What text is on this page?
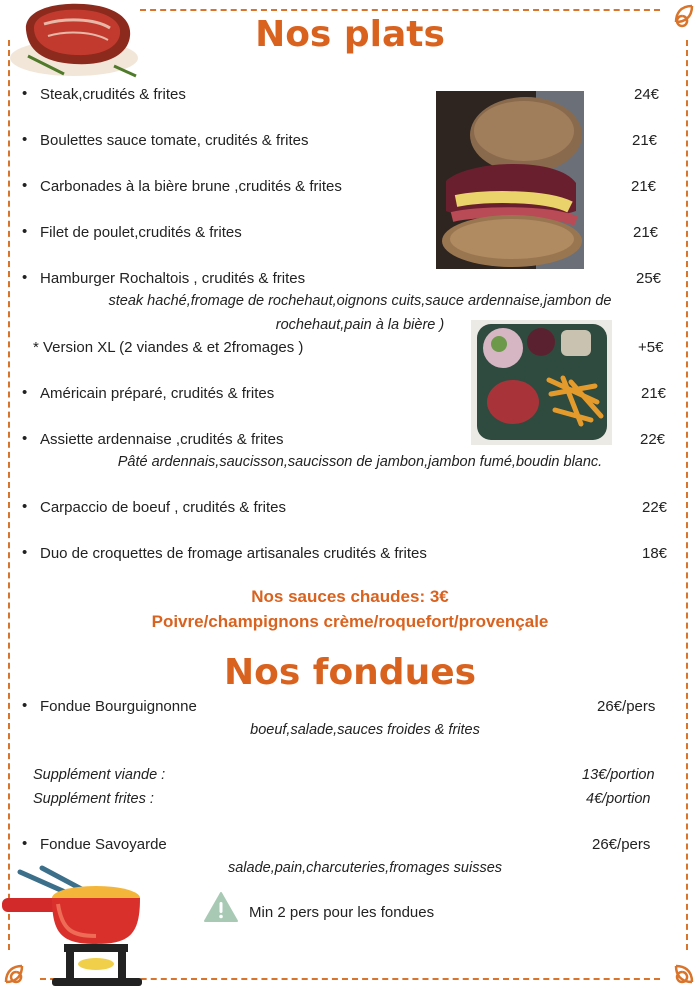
Nos plats
• Steak,crudités & frites	24€
• Boulettes sauce tomate, crudités & frites	21€
• Carbonades à la bière brune ,crudités & frites	21€
• Filet de poulet,crudités & frites	21€
• Hamburger Rochaltois , crudités & frites	25€
steak haché,fromage de rochehaut,oignons cuits,sauce ardennaise,jambon de
rochehaut,pain à la bière )
* Version XL (2 viandes & et 2fromages )	+5€
• Américain préparé, crudités & frites	21€
• Assiette ardennaise ,crudités & frites	22€
Pâté ardennais,saucisson,saucisson de jambon,jambon fumé,boudin blanc.
• Carpaccio de boeuf , crudités & frites	22€
• Duo de croquettes de fromage artisanales crudités & frites	18€
Nos sauces chaudes: 3€
Poivre/champignons crème/roquefort/provençale
Nos fondues
• Fondue Bourguignonne	26€/pers
boeuf,salade,sauces froides & frites
Supplément viande :	13€/portion
Supplément frites :	4€/portion
• Fondue Savoyarde	26€/pers
salade,pain,charcuteries,fromages suisses
Min 2 pers pour les fondues
